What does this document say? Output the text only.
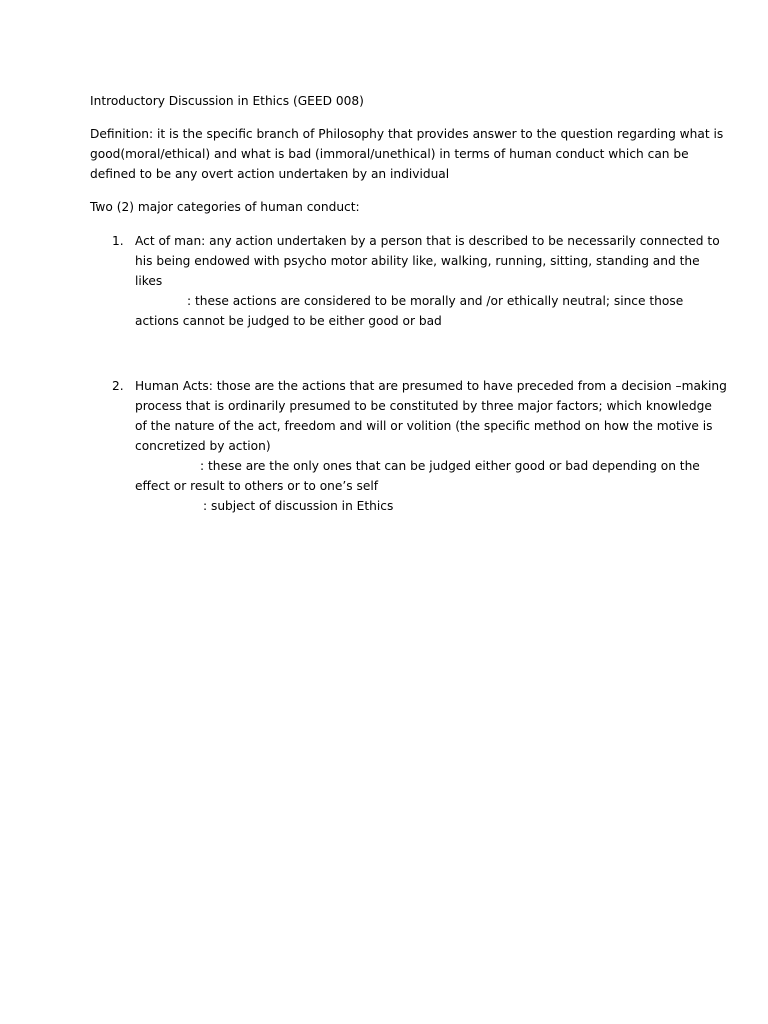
Introductory Discussion in Ethics (GEED 008)

Definition: it is the specific branch of Philosophy that provides answer to the question regarding what is
good(moral/ethical) and what is bad (immoral/unethical) in terms of human conduct which can be
defined to be any overt action undertaken by an individual

Two (2) major categories of human conduct:

1. Act of man: any action undertaken by a person that is described to be necessarily connected to
his being endowed with psycho motor ability like, walking, running, sitting, standing and the
likes
: these actions are considered to be morally and /or ethically neutral; since those
actions cannot be judged to be either good or bad
2. Human Acts: those are the actions that are presumed to have preceded from a decision –making
process that is ordinarily presumed to be constituted by three major factors; which knowledge
of the nature of the act, freedom and will or volition (the specific method on how the motive is
concretized by action)
: these are the only ones that can be judged either good or bad depending on the
effect or result to others or to one’s self
: subject of discussion in Ethics
